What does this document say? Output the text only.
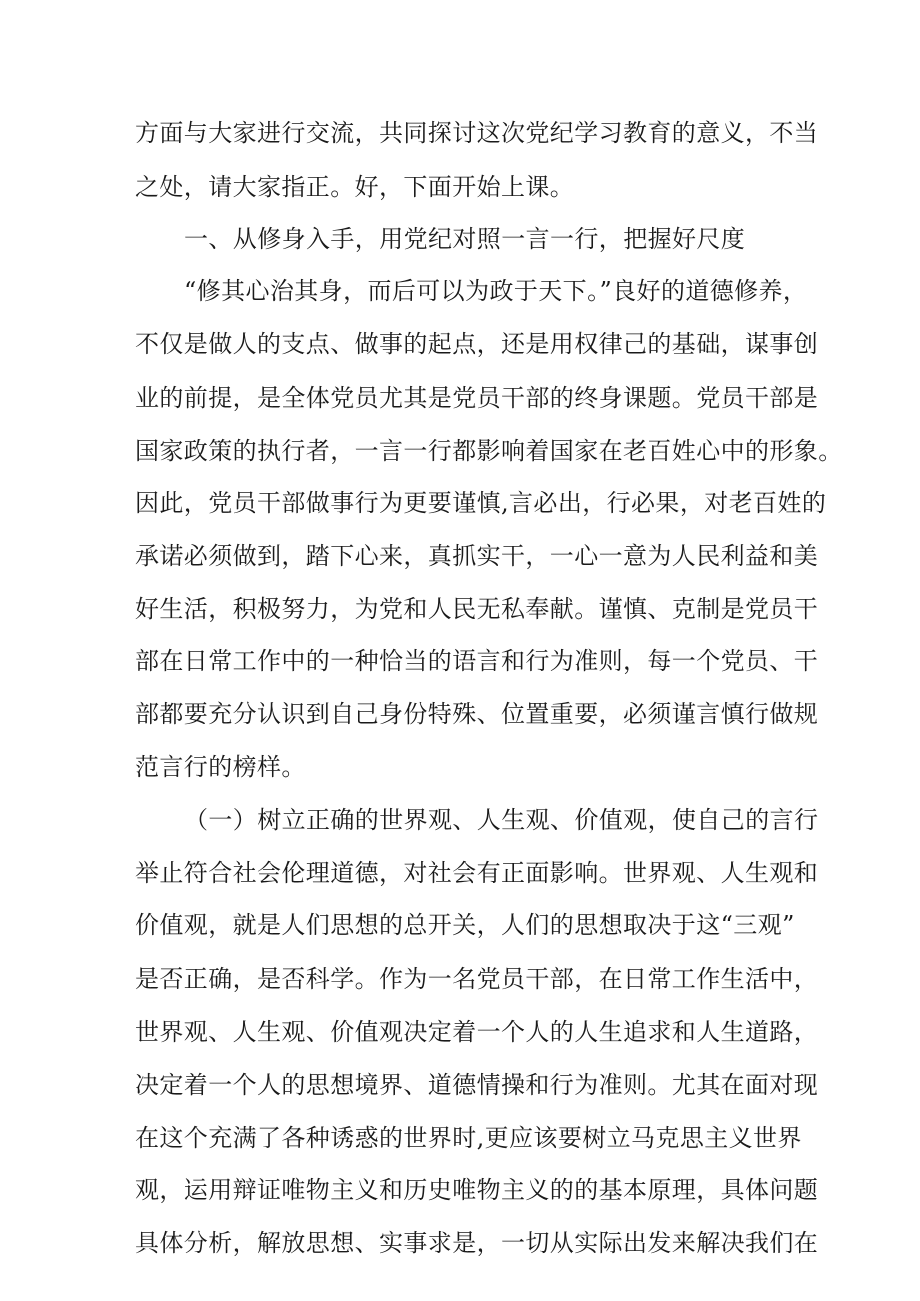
方面与大家进行交流，共同探讨这次党纪学习教育的意义，不当

之处，请大家指正。好，下面开始上课。

一、从修身入手，用党纪对照一言一行，把握好尺度

“修其心治其身，而后可以为政于天下。”良好的道德修养，

不仅是做人的支点、做事的起点，还是用权律己的基础，谋事创

业的前提，是全体党员尤其是党员干部的终身课题。党员干部是

国家政策的执行者，一言一行都影响着国家在老百姓心中的形象。

因此，党员干部做事行为更要谨慎,言必出，行必果，对老百姓的

承诺必须做到，踏下心来，真抓实干，一心一意为人民利益和美

好生活，积极努力，为党和人民无私奉献。谨慎、克制是党员干

部在日常工作中的一种恰当的语言和行为准则，每一个党员、干

部都要充分认识到自己身份特殊、位置重要，必须谨言慎行做规

范言行的榜样。

（一）树立正确的世界观、人生观、价值观，使自己的言行

举止符合社会伦理道德，对社会有正面影响。世界观、人生观和

价值观，就是人们思想的总开关，人们的思想取决于这“三观”

是否正确，是否科学。作为一名党员干部，在日常工作生活中，

世界观、人生观、价值观决定着一个人的人生追求和人生道路，

决定着一个人的思想境界、道德情操和行为准则。尤其在面对现

在这个充满了各种诱惑的世界时,更应该要树立马克思主义世界

观，运用辩证唯物主义和历史唯物主义的的基本原理，具体问题

具体分析，解放思想、实事求是，一切从实际出发来解决我们在
